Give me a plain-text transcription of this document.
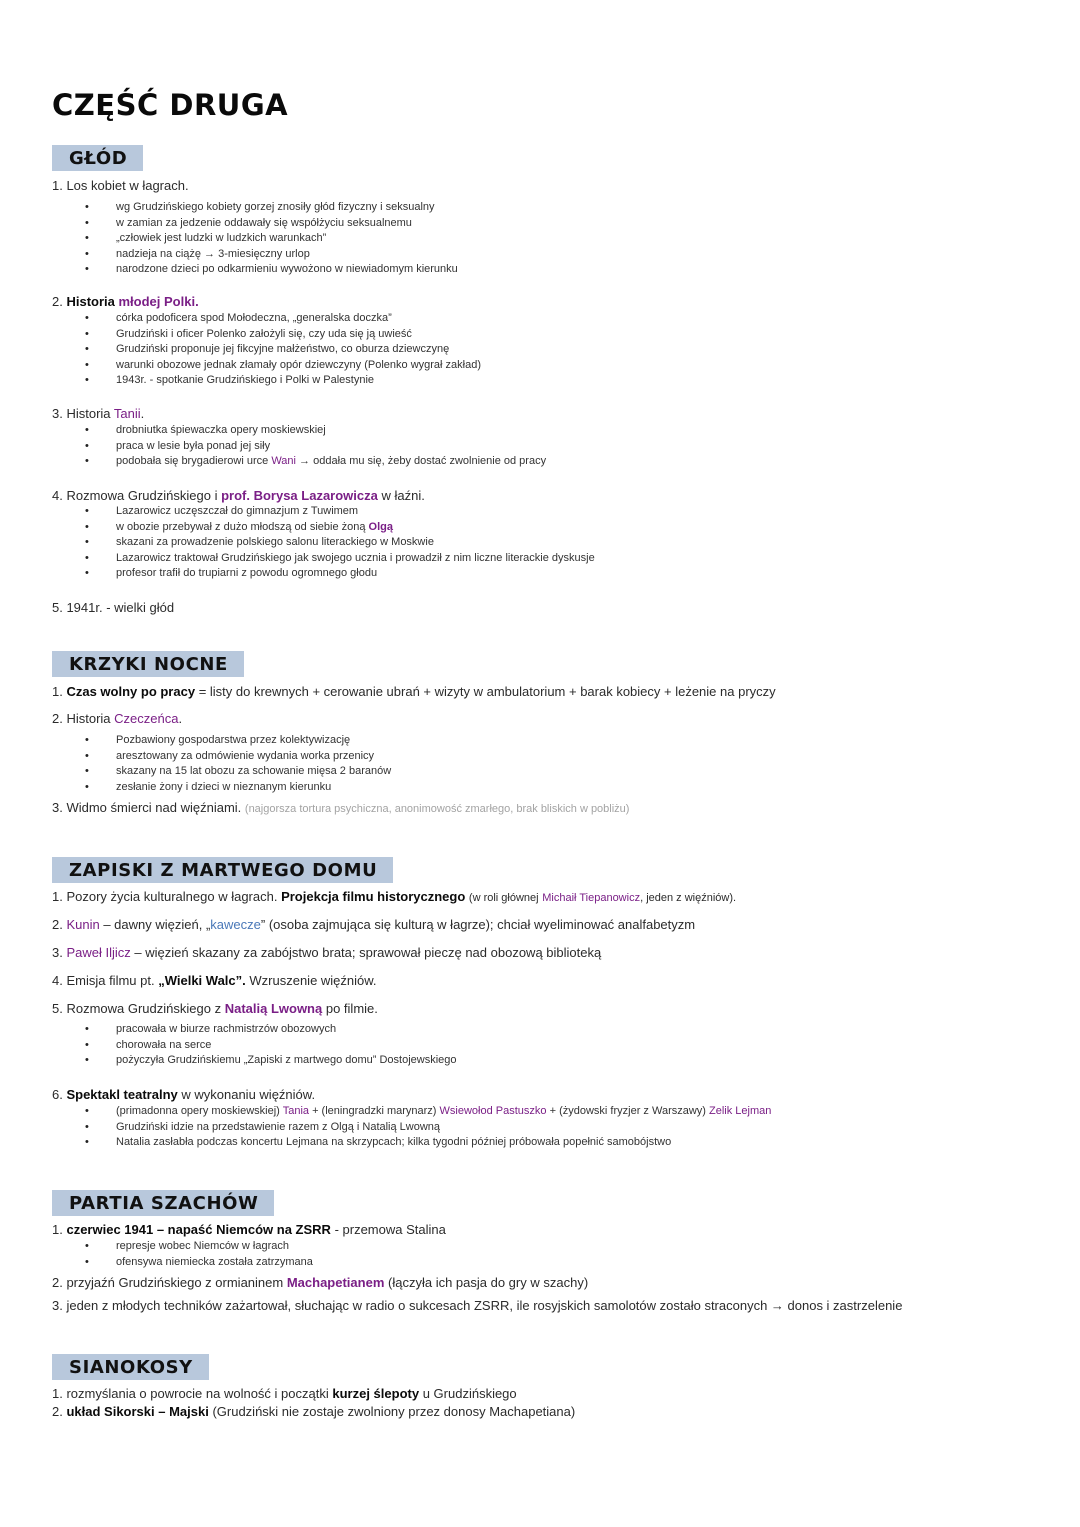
CZĘŚĆ DRUGA
GŁÓD

1. Los kobiet w łagrach.

• wg Grudzińskiego kobiety gorzej znosiły głód fizyczny i seksualny
• w zamian za jedzenie oddawały się współżyciu seksualnemu
• „człowiek jest ludzki w ludzkich warunkach”
• nadzieja na ciążę → 3-miesięczny urlop
• narodzone dzieci po odkarmieniu wywożono w niewiadomym kierunku

2. Historia młodej Polki.

• córka podoficera spod Mołodeczna, „generalska doczka”
• Grudziński i oficer Polenko założyli się, czy uda się ją uwieść
• Grudziński proponuje jej fikcyjne małżeństwo, co oburza dziewczynę
• warunki obozowe jednak złamały opór dziewczyny (Polenko wygrał zakład)
• 1943r. - spotkanie Grudzińskiego i Polki w Palestynie

3. Historia Tanii.

• drobniutka śpiewaczka opery moskiewskiej
• praca w lesie była ponad jej siły
• podobała się brygadierowi urce Wani → oddała mu się, żeby dostać zwolnienie od pracy

4. Rozmowa Grudzińskiego i prof. Borysa Lazarowicza w łaźni.

• Lazarowicz uczęszczał do gimnazjum z Tuwimem
• w obozie przebywał z dużo młodszą od siebie żoną Olgą
• skazani za prowadzenie polskiego salonu literackiego w Moskwie
• Lazarowicz traktował Grudzińskiego jak swojego ucznia i prowadził z nim liczne literackie dyskusje
• profesor trafił do trupiarni z powodu ogromnego głodu

5. 1941r. - wielki głód

KRZYKI NOCNE

1. Czas wolny po pracy = listy do krewnych + cerowanie ubrań + wizyty w ambulatorium + barak kobiecy + leżenie na pryczy

2. Historia Czeczeńca.

• Pozbawiony gospodarstwa przez kolektywizację
• aresztowany za odmówienie wydania worka przenicy
• skazany na 15 lat obozu za schowanie mięsa 2 baranów
• zesłanie żony i dzieci w nieznanym kierunku

3. Widmo śmierci nad więźniami. (najgorsza tortura psychiczna, anonimowość zmarłego, brak bliskich w pobliżu)

ZAPISKI Z MARTWEGO DOMU

1. Pozory życia kulturalnego w łagrach. Projekcja filmu historycznego (w roli głównej Michaił Tiepanowicz, jeden z więźniów).

2. Kunin – dawny więzień, „kawecze” (osoba zajmująca się kulturą w łagrze); chciał wyeliminować analfabetyzm

3. Paweł Iljicz – więzień skazany za zabójstwo brata; sprawował pieczę nad obozową biblioteką

4. Emisja filmu pt. „Wielki Walc”. Wzruszenie więźniów.

5. Rozmowa Grudzińskiego z Natalią Lwowną po filmie.

• pracowała w biurze rachmistrzów obozowych
• chorowała na serce
• pożyczyła Grudzińskiemu „Zapiski z martwego domu” Dostojewskiego

6. Spektakl teatralny w wykonaniu więźniów.

• (primadonna opery moskiewskiej) Tania + (leningradzki marynarz) Wsiewołod Pastuszko + (żydowski fryzjer z Warszawy) Zelik Lejman
• Grudziński idzie na przedstawienie razem z Olgą i Natalią Lwowną
• Natalia zasłabła podczas koncertu Lejmana na skrzypcach; kilka tygodni później próbowała popełnić samobójstwo
PARTIA SZACHÓW

1. czerwiec 1941 – napaść Niemców na ZSRR - przemowa Stalina

• represje wobec Niemców w łagrach
• ofensywa niemiecka została zatrzymana

2. przyjaźń Grudzińskiego z ormianinem Machapetianem (łączyła ich pasja do gry w szachy)

3. jeden z młodych techników zażartował, słuchając w radio o sukcesach ZSRR, ile rosyjskich samolotów zostało straconych → donos i zastrzelenie

SIANOKOSY

1. rozmyślania o powrocie na wolność i początki kurzej ślepoty u Grudzińskiego

2. układ Sikorski – Majski (Grudziński nie zostaje zwolniony przez donosy Machapetiana)
